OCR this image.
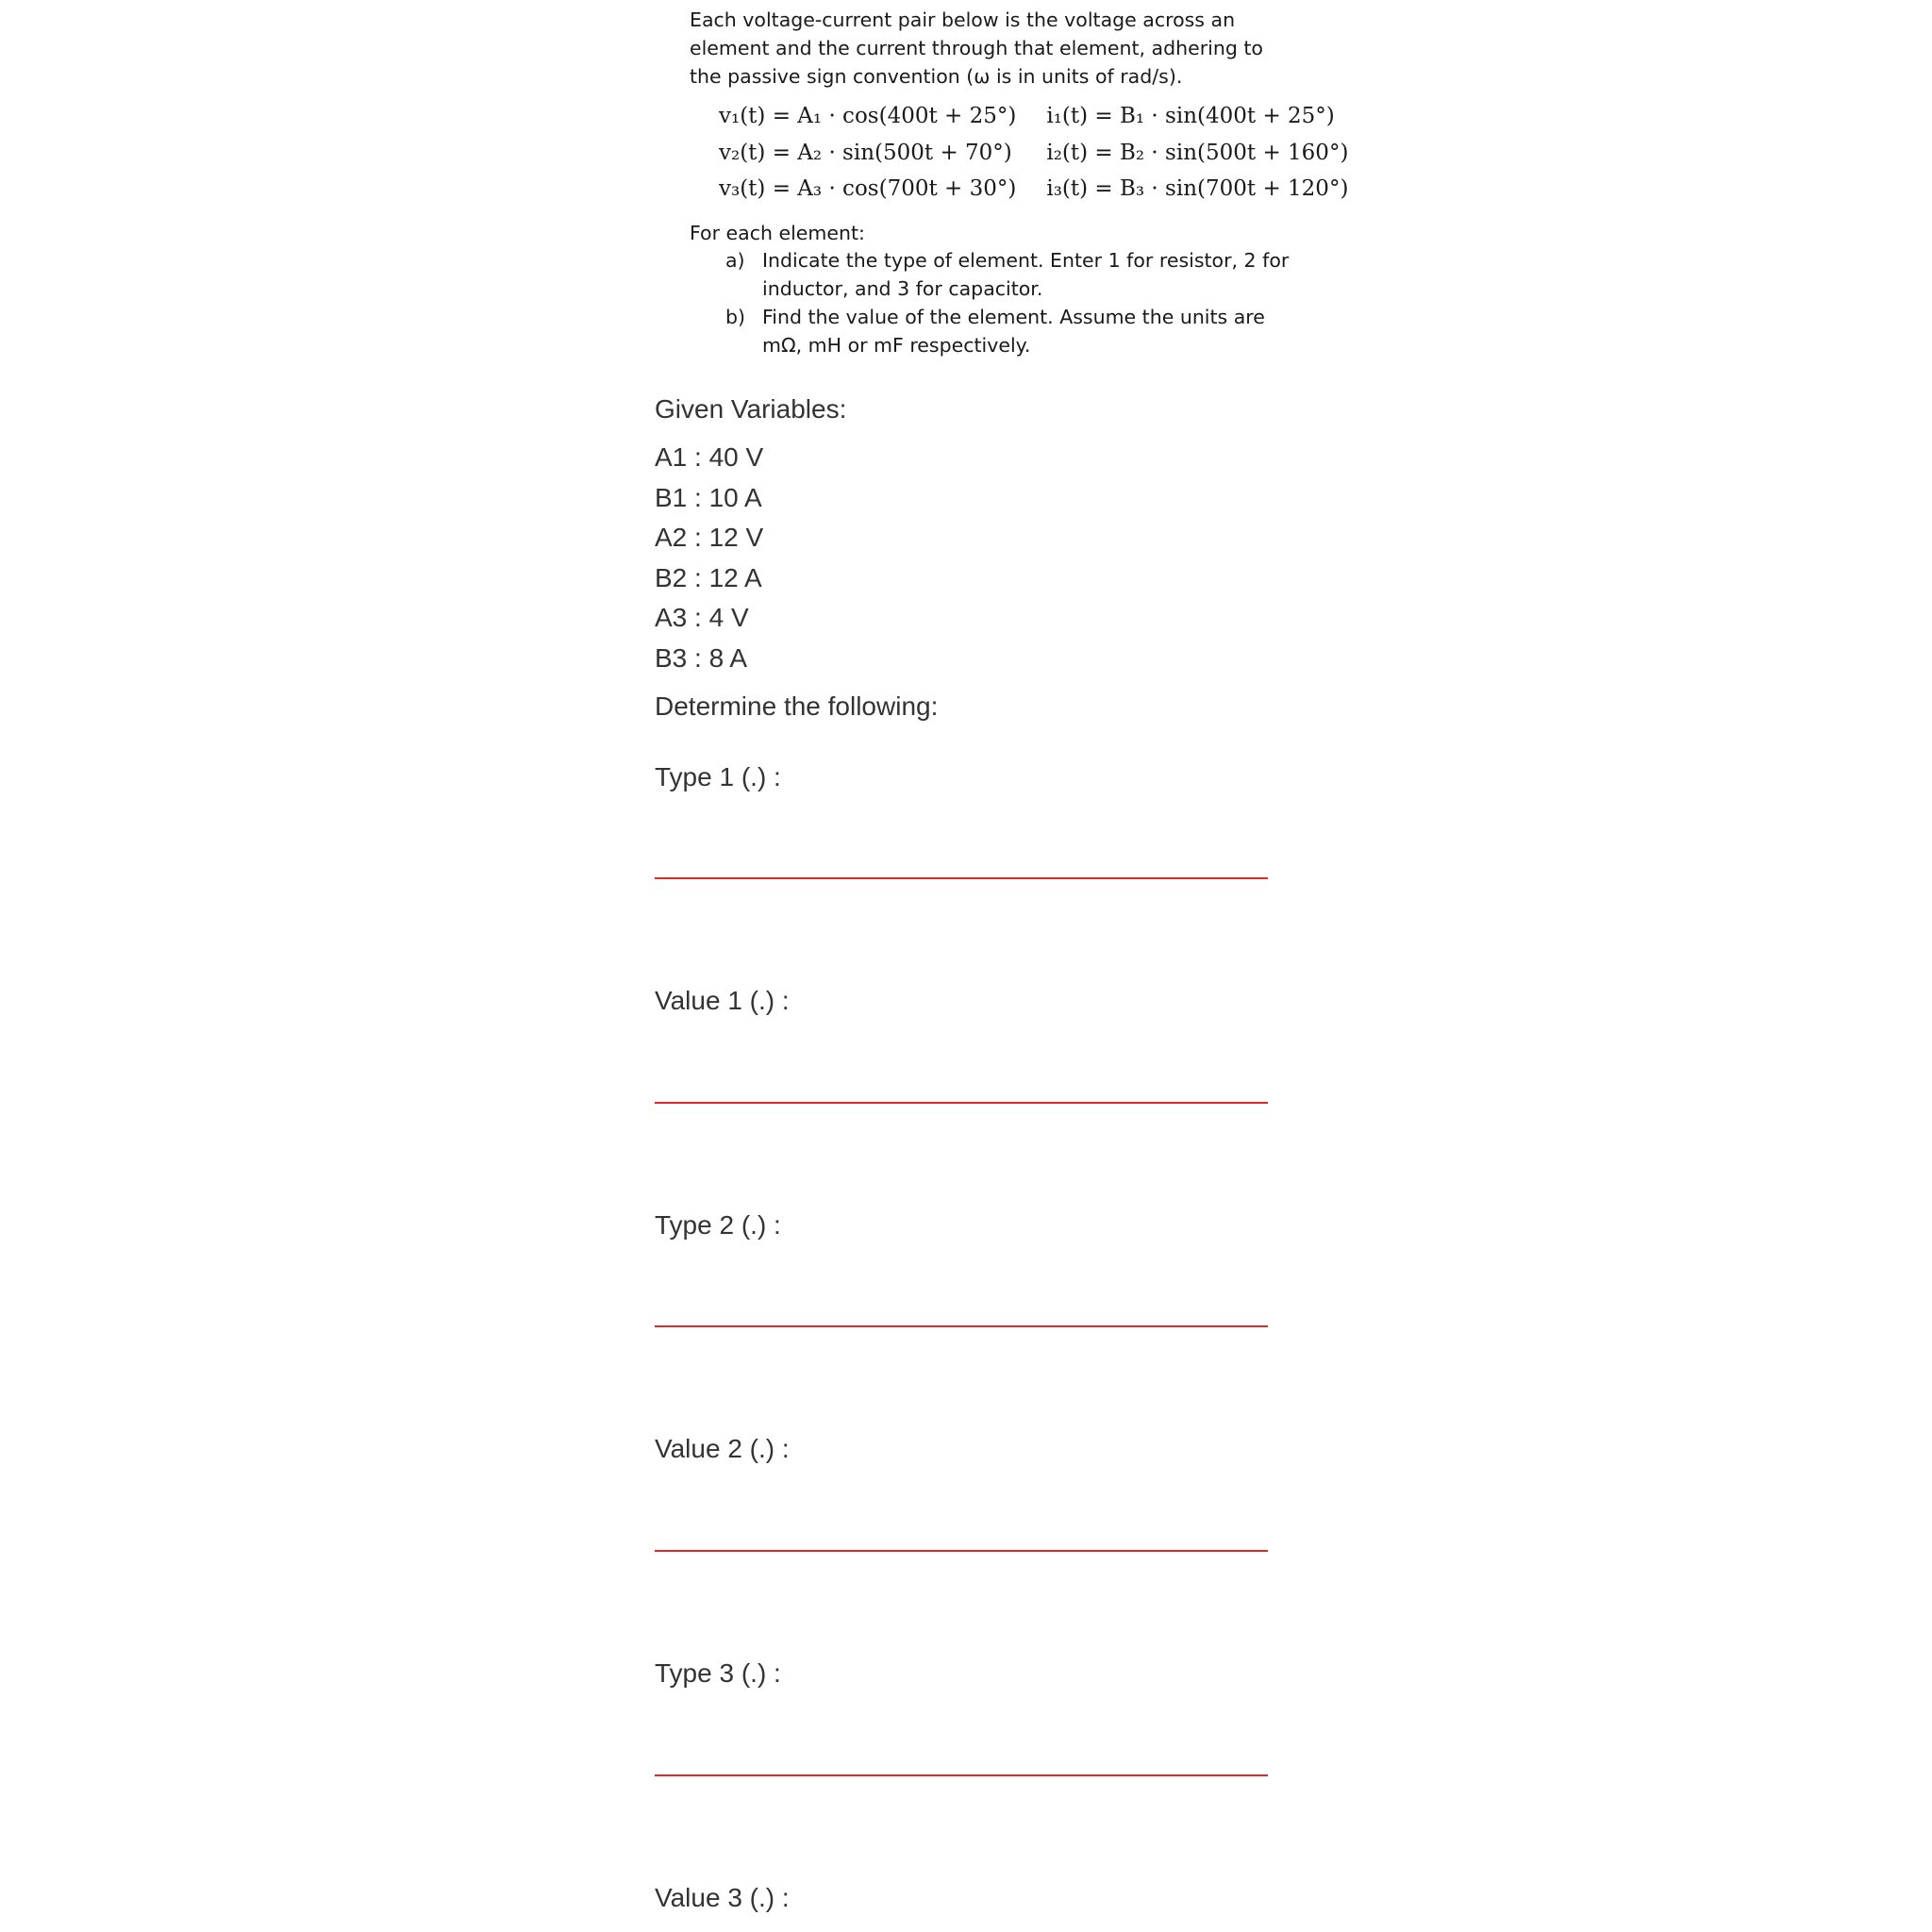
Each voltage-current pair below is the voltage across an element and the current through that element, adhering to the passive sign convention (ω is in units of rad/s).

v₁(t) = A₁ · cos(400t + 25°)	i₁(t) = B₁ · sin(400t + 25°)
v₂(t) = A₂ · sin(500t + 70°)	i₂(t) = B₂ · sin(500t + 160°)
v₃(t) = A₃ · cos(700t + 30°)	i₃(t) = B₃ · sin(700t + 120°)

For each element:

a) Indicate the type of element. Enter 1 for resistor, 2 for inductor, and 3 for capacitor.
b) Find the value of the element. Assume the units are mΩ, mH or mF respectively.
Given Variables:
A1 : 40 V
B1 : 10 A
A2 : 12 V
B2 : 12 A
A3 : 4 V
B3 : 8 A
Determine the following:
Type 1 (.) :
Value 1 (.) :
Type 2 (.) :
Value 2 (.) :
Type 3 (.) :
Value 3 (.) :
